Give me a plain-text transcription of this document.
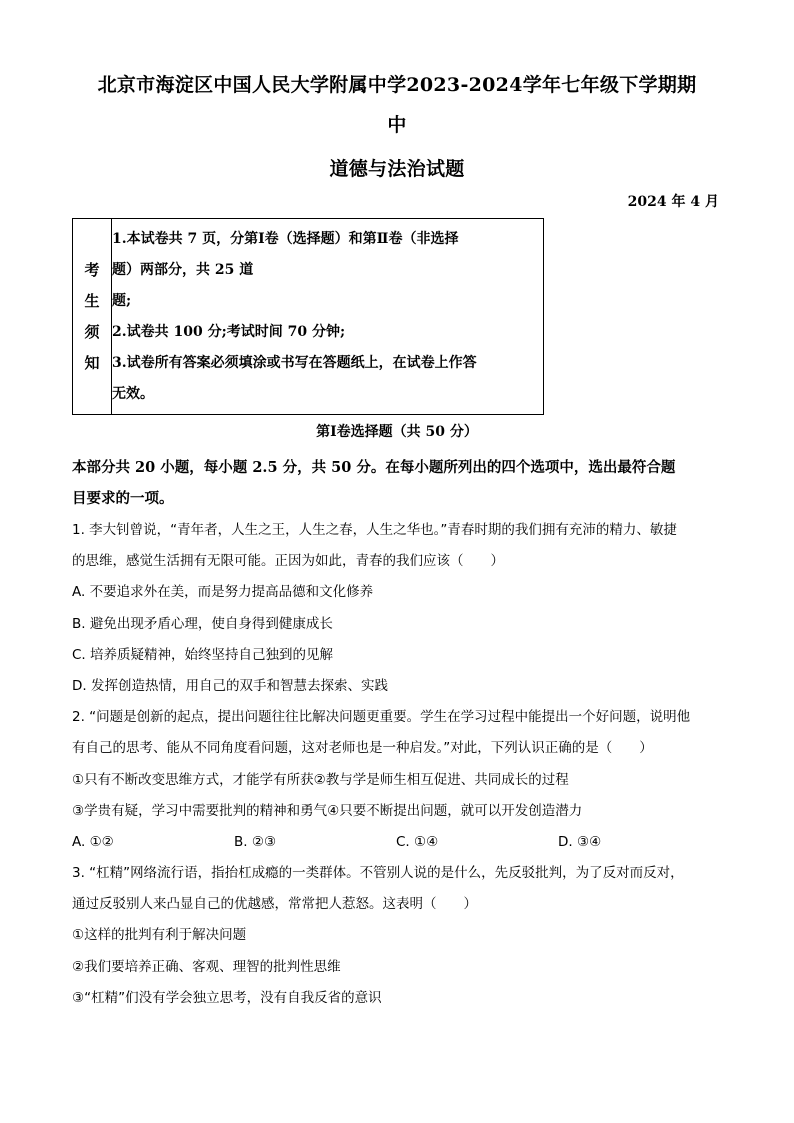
北京市海淀区中国人民大学附属中学2023-2024学年七年级下学期期
中
道德与法治试题
2024 年 4 月
考
生
须
知

1.本试卷共 7 页，分第Ⅰ卷（选择题）和第Ⅱ卷（非选择
题）两部分，共 25 道
题;
2.试卷共 100 分;考试时间 70 分钟;
3.试卷所有答案必须填涂或书写在答题纸上，在试卷上作答
无效。
第Ⅰ卷选择题（共 50 分）
本部分共 20 小题，每小题 2.5 分，共 50 分。在每小题所列出的四个选项中，选出最符合题
目要求的一项。
1. 李大钊曾说，“青年者，人生之王，人生之春，人生之华也。”青春时期的我们拥有充沛的精力、敏捷
的思维，感觉生活拥有无限可能。正因为如此，青春的我们应该（　　）
A. 不要追求外在美，而是努力提高品德和文化修养
B. 避免出现矛盾心理，使自身得到健康成长
C. 培养质疑精神，始终坚持自己独到的见解
D. 发挥创造热情，用自己的双手和智慧去探索、实践
2. “问题是创新的起点，提出问题往往比解决问题更重要。学生在学习过程中能提出一个好问题，说明他
有自己的思考、能从不同角度看问题，这对老师也是一种启发。”对此，下列认识正确的是（　　）
①只有不断改变思维方式，才能学有所获②教与学是师生相互促进、共同成长的过程
③学贵有疑，学习中需要批判的精神和勇气④只要不断提出问题，就可以开发创造潜力
A. ①②	B. ②③	C. ①④	D. ③④
3. “杠精”网络流行语，指抬杠成瘾的一类群体。不管别人说的是什么，先反驳批判，为了反对而反对，
通过反驳别人来凸显自己的优越感，常常把人惹怒。这表明（　　）
①这样的批判有利于解决问题
②我们要培养正确、客观、理智的批判性思维
③“杠精”们没有学会独立思考，没有自我反省的意识
